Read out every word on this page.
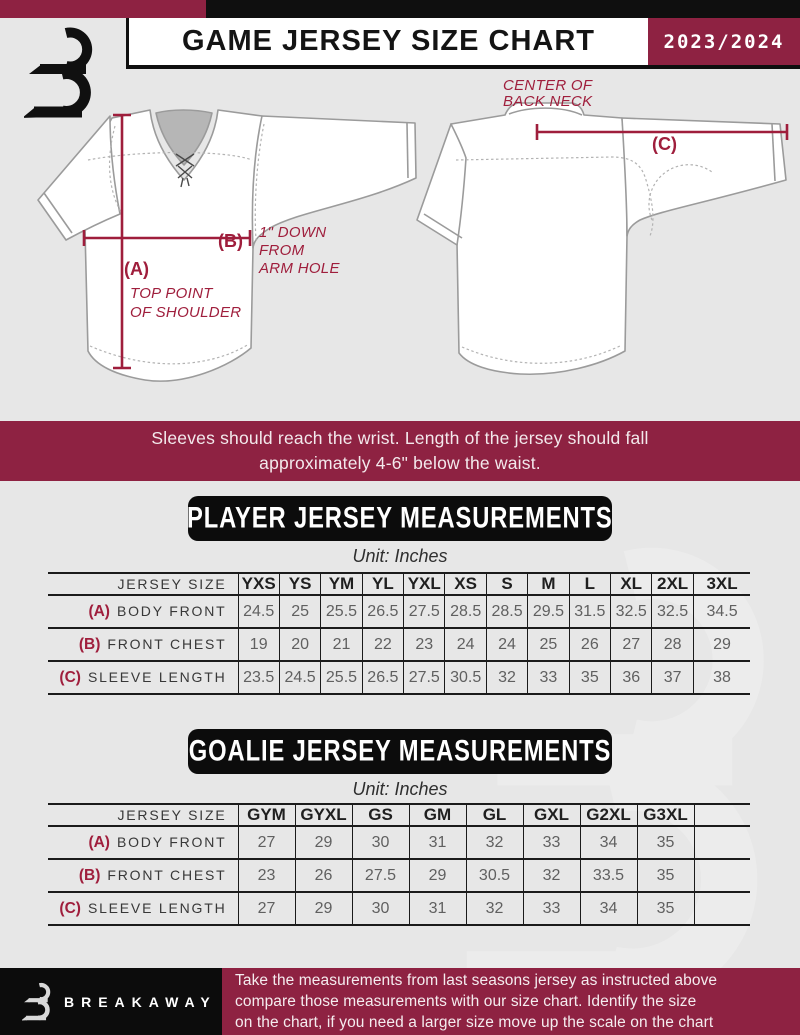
GAME JERSEY SIZE CHART	2023/2024
CENTER OF
BACK NECK
(C)
(B) 1" DOWN
FROM
ARM HOLE
(A)
TOP POINT
OF SHOULDER
Sleeves should reach the wrist. Length of the jersey should fall
approximately 4-6" below the waist.
PLAYER JERSEY MEASUREMENTS
Unit: Inches
JERSEY SIZE	YXS	YS	YM	YL	YXL	XS	S	M	L	XL	2XL	3XL
(A) BODY FRONT	24.5	25	25.5	26.5	27.5	28.5	28.5	29.5	31.5	32.5	32.5	34.5
(B) FRONT CHEST	19	20	21	22	23	24	24	25	26	27	28	29
(C) SLEEVE LENGTH	23.5	24.5	25.5	26.5	27.5	30.5	32	33	35	36	37	38
GOALIE JERSEY MEASUREMENTS
Unit: Inches
JERSEY SIZE	GYM	GYXL	GS	GM	GL	GXL	G2XL	G3XL	
(A) BODY FRONT	27	29	30	31	32	33	34	35	
(B) FRONT CHEST	23	26	27.5	29	30.5	32	33.5	35	
(C) SLEEVE LENGTH	27	29	30	31	32	33	34	35	
BREAKAWAY
Take the measurements from last seasons jersey as instructed above
compare those measurements with our size chart. Identify the size
on the chart, if you need a larger size move up the scale on the chart
